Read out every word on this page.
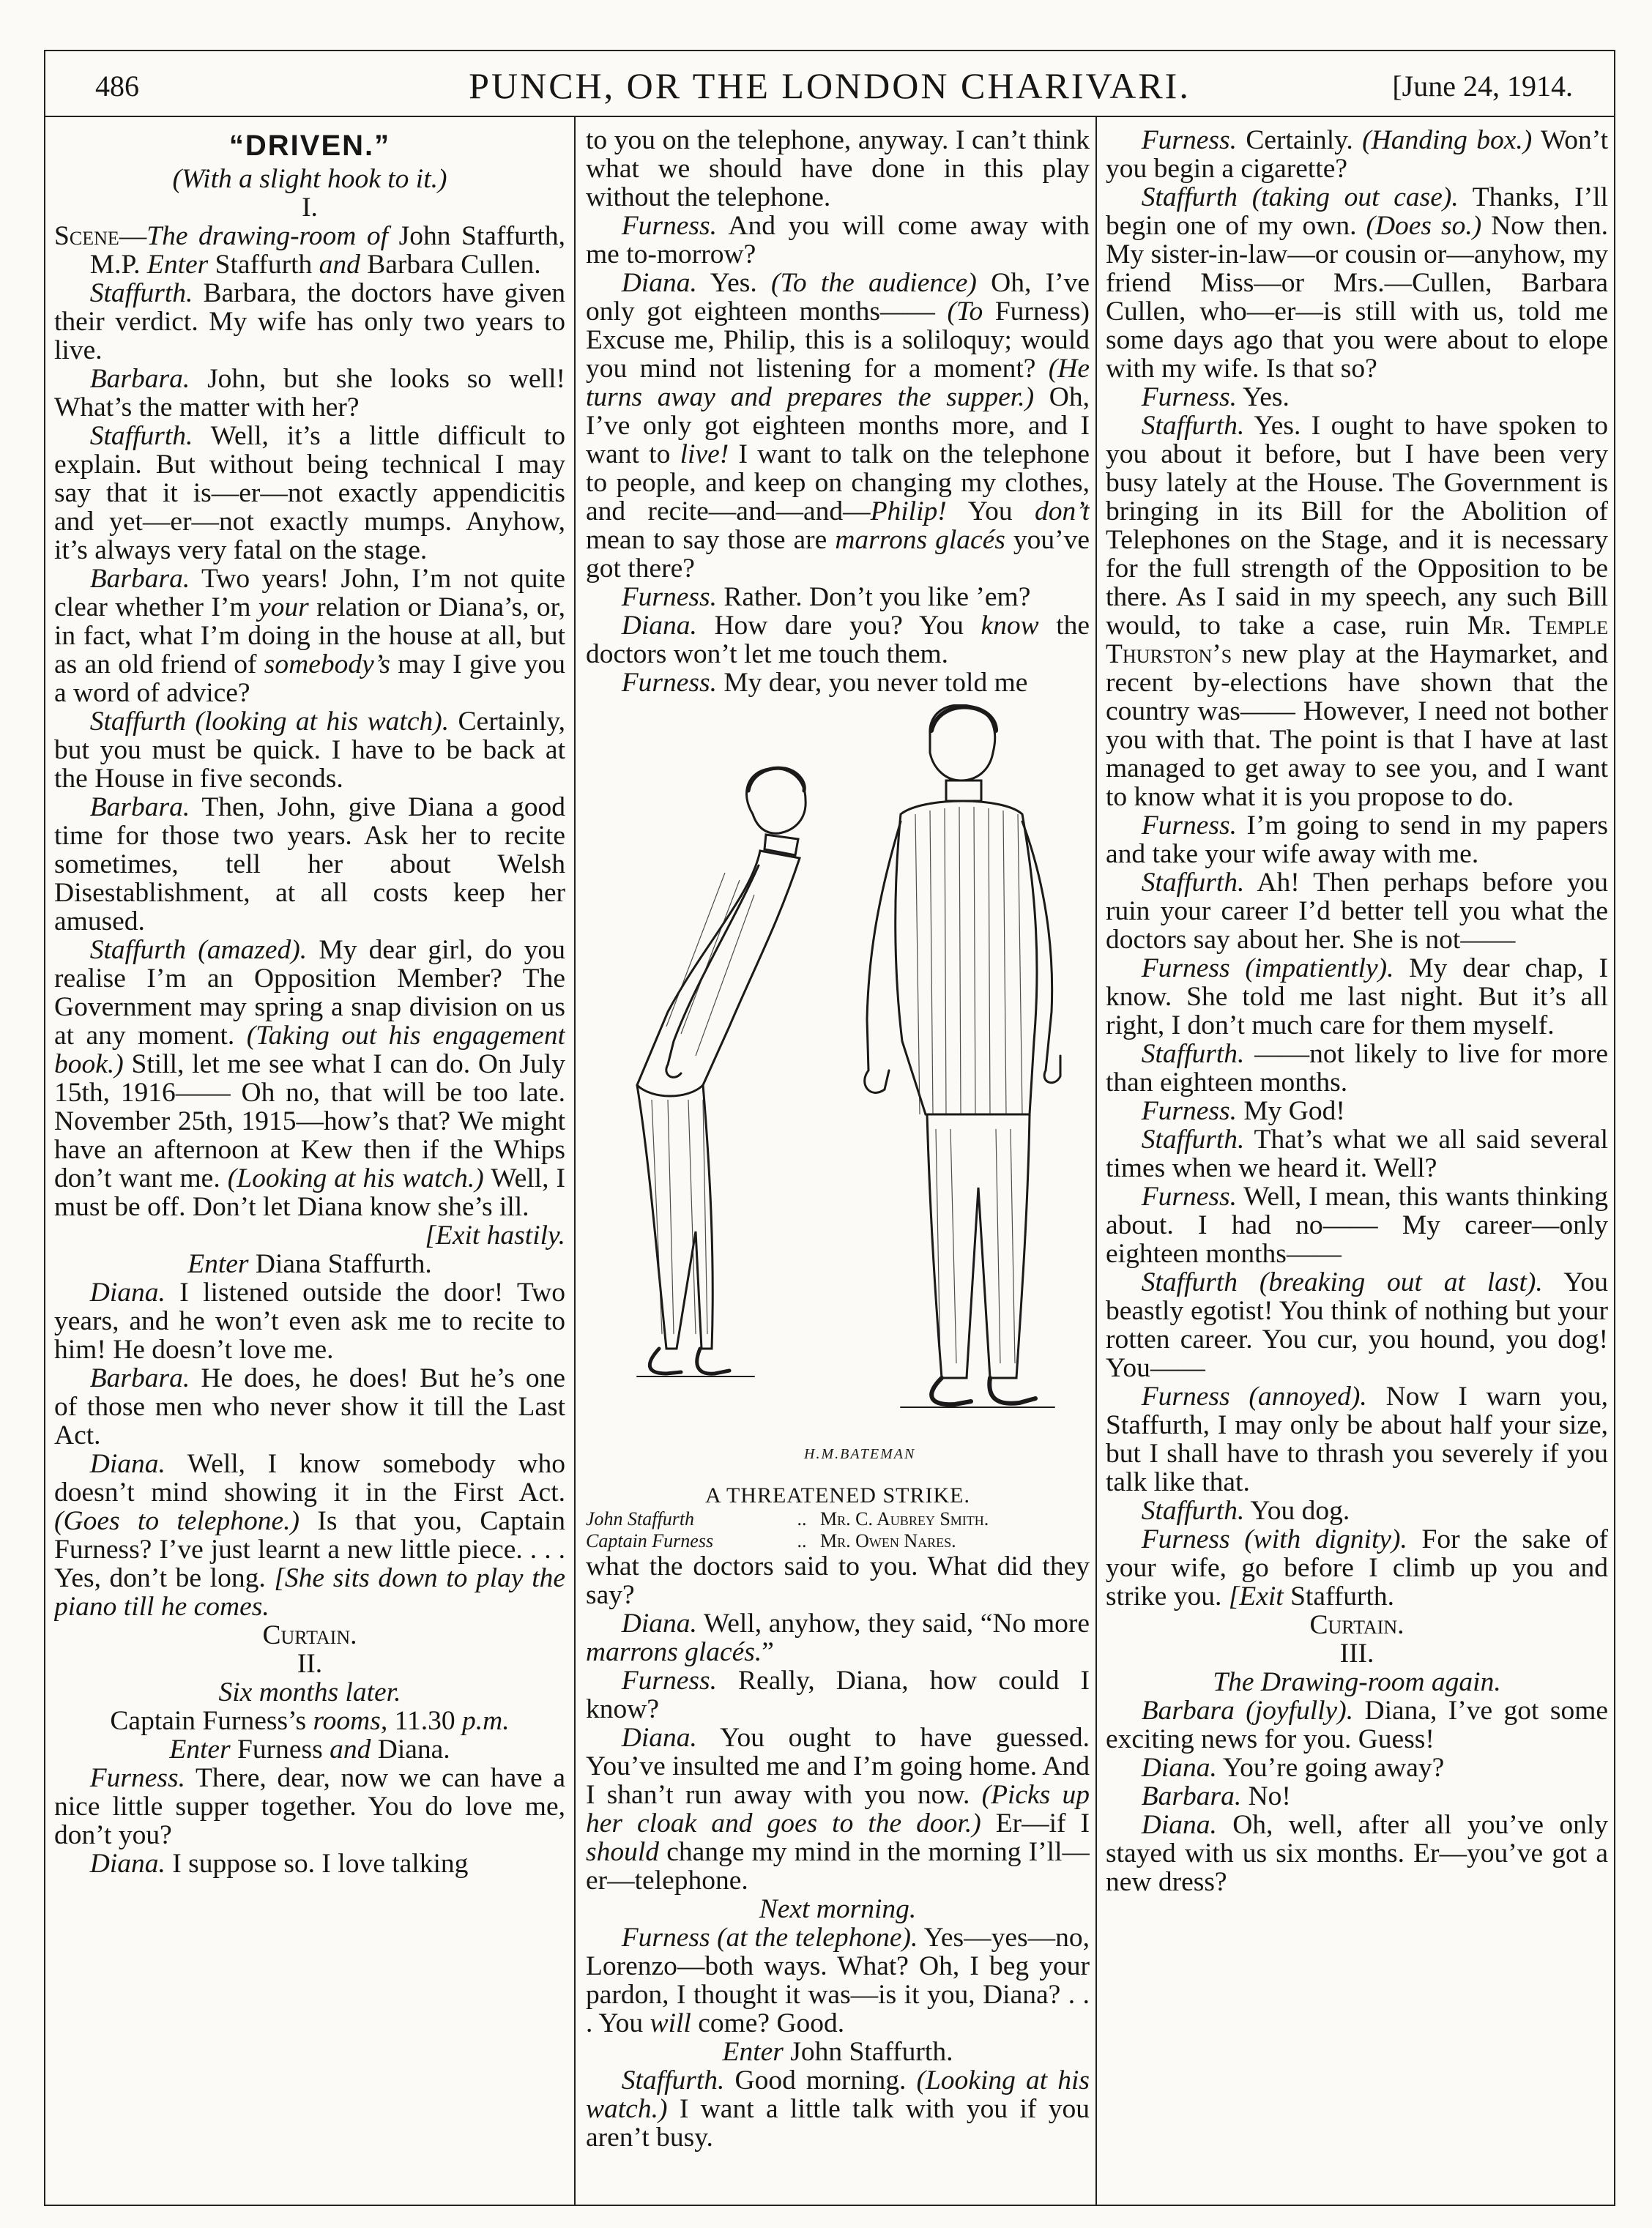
486	PUNCH, OR THE LONDON CHARIVARI.	[June 24, 1914.
“DRIVEN.”

(With a slight hook to it.)

I.

Scene—The drawing-room of John Staffurth, M.P. Enter Staffurth and Barbara Cullen.

Staffurth. Barbara, the doctors have given their verdict. My wife has only two years to live.

Barbara. John, but she looks so well! What’s the matter with her?

Staffurth. Well, it’s a little difficult to explain. But without being technical I may say that it is—er—not exactly appendicitis and yet—er—not exactly mumps. Anyhow, it’s always very fatal on the stage.

Barbara. Two years! John, I’m not quite clear whether I’m your relation or Diana’s, or, in fact, what I’m doing in the house at all, but as an old friend of somebody’s may I give you a word of advice?

Staffurth (looking at his watch). Certainly, but you must be quick. I have to be back at the House in five seconds.

Barbara. Then, John, give Diana a good time for those two years. Ask her to recite sometimes, tell her about Welsh Disestablishment, at all costs keep her amused.

Staffurth (amazed). My dear girl, do you realise I’m an Opposition Member? The Government may spring a snap division on us at any moment. (Taking out his engagement book.) Still, let me see what I can do. On July 15th, 1916—— Oh no, that will be too late. November 25th, 1915—how’s that? We might have an afternoon at Kew then if the Whips don’t want me. (Looking at his watch.) Well, I must be off. Don’t let Diana know she’s ill.

[Exit hastily.

Enter Diana Staffurth.

Diana. I listened outside the door! Two years, and he won’t even ask me to recite to him! He doesn’t love me.

Barbara. He does, he does! But he’s one of those men who never show it till the Last Act.

Diana. Well, I know somebody who doesn’t mind showing it in the First Act. (Goes to telephone.) Is that you, Captain Furness? I’ve just learnt a new little piece. . . . Yes, don’t be long. [She sits down to play the piano till he comes.

Curtain.

II.

Six months later.

Captain Furness’s rooms, 11.30 p.m.

Enter Furness and Diana.

Furness. There, dear, now we can have a nice little supper together. You do love me, don’t you?

Diana. I suppose so. I love talking

to you on the telephone, anyway. I can’t think what we should have done in this play without the telephone.

Furness. And you will come away with me to-morrow?

Diana. Yes. (To the audience) Oh, I’ve only got eighteen months—— (To Furness) Excuse me, Philip, this is a soliloquy; would you mind not listening for a moment? (He turns away and prepares the supper.) Oh, I’ve only got eighteen months more, and I want to live! I want to talk on the telephone to people, and keep on changing my clothes, and recite—and—and—Philip! You don’t mean to say those are marrons glacés you’ve got there?

Furness. Rather. Don’t you like ’em?

Diana. How dare you? You know the doctors won’t let me touch them.

Furness. My dear, you never told me

H.M.BATEMAN

A THREATENED STRIKE.

John Staffurth	.. Mr. C. Aubrey Smith.
Captain Furness	.. Mr. Owen Nares.

what the doctors said to you. What did they say?

Diana. Well, anyhow, they said, “No more marrons glacés.”

Furness. Really, Diana, how could I know?

Diana. You ought to have guessed. You’ve insulted me and I’m going home. And I shan’t run away with you now. (Picks up her cloak and goes to the door.) Er—if I should change my mind in the morning I’ll—er—telephone.

Next morning.

Furness (at the telephone). Yes—yes—no, Lorenzo—both ways. What? Oh, I beg your pardon, I thought it was—is it you, Diana? . . . You will come? Good.

Enter John Staffurth.

Staffurth. Good morning. (Looking at his watch.) I want a little talk with you if you aren’t busy.

Furness. Certainly. (Handing box.) Won’t you begin a cigarette?

Staffurth (taking out case). Thanks, I’ll begin one of my own. (Does so.) Now then. My sister-in-law—or cousin or—anyhow, my friend Miss—or Mrs.—Cullen, Barbara Cullen, who—er—is still with us, told me some days ago that you were about to elope with my wife. Is that so?

Furness. Yes.

Staffurth. Yes. I ought to have spoken to you about it before, but I have been very busy lately at the House. The Government is bringing in its Bill for the Abolition of Telephones on the Stage, and it is necessary for the full strength of the Opposition to be there. As I said in my speech, any such Bill would, to take a case, ruin Mr. Temple Thurston’s new play at the Haymarket, and recent by-elections have shown that the country was—— However, I need not bother you with that. The point is that I have at last managed to get away to see you, and I want to know what it is you propose to do.

Furness. I’m going to send in my papers and take your wife away with me.

Staffurth. Ah! Then perhaps before you ruin your career I’d better tell you what the doctors say about her. She is not——

Furness (impatiently). My dear chap, I know. She told me last night. But it’s all right, I don’t much care for them myself.

Staffurth. ——not likely to live for more than eighteen months.

Furness. My God!

Staffurth. That’s what we all said several times when we heard it. Well?

Furness. Well, I mean, this wants thinking about. I had no—— My career—only eighteen months——

Staffurth (breaking out at last). You beastly egotist! You think of nothing but your rotten career. You cur, you hound, you dog! You——

Furness (annoyed). Now I warn you, Staffurth, I may only be about half your size, but I shall have to thrash you severely if you talk like that.

Staffurth. You dog.

Furness (with dignity). For the sake of your wife, go before I climb up you and strike you. [Exit Staffurth.

Curtain.

III.

The Drawing-room again.

Barbara (joyfully). Diana, I’ve got some exciting news for you. Guess!

Diana. You’re going away?

Barbara. No!

Diana. Oh, well, after all you’ve only stayed with us six months. Er—you’ve got a new dress?
